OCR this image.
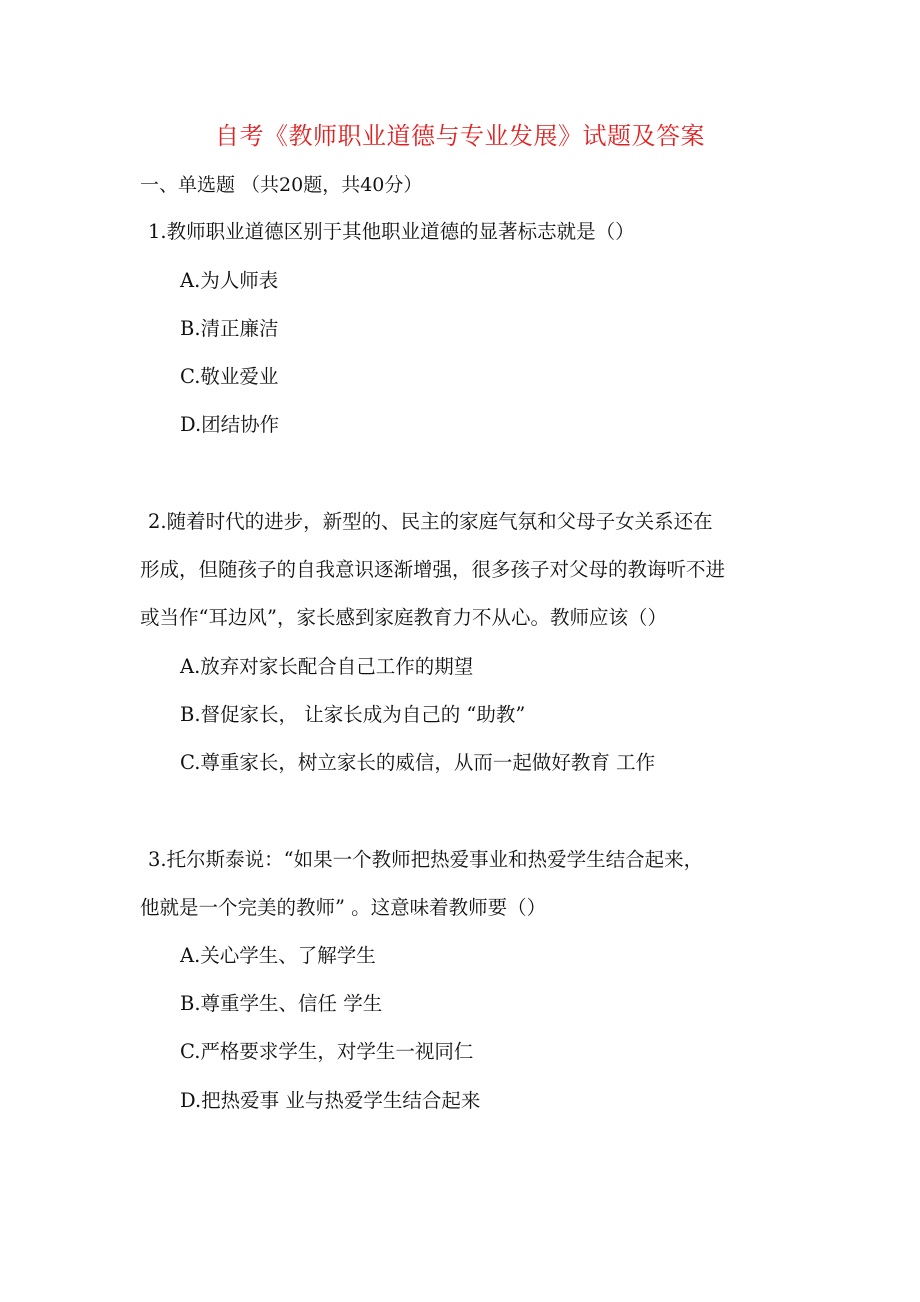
自考《教师职业道德与专业发展》试题及答案
一、单选题 （共20题，共40分）
1.教师职业道德区别于其他职业道德的显著标志就是（）
A.为人师表
B.清正廉洁
C.敬业爱业
D.团结协作
2.随着时代的进步，新型的、民主的家庭气氛和父母子女关系还在
形成，但随孩子的自我意识逐渐增强，很多孩子对父母的教诲听不进
或当作“耳边风”，家长感到家庭教育力不从心。教师应该（）
A.放弃对家长配合自己工作的期望
B.督促家长， 让家长成为自己的 “助教”
C.尊重家长，树立家长的威信，从而一起做好教育 工作
3.托尔斯泰说：“如果一个教师把热爱事业和热爱学生结合起来，
他就是一个完美的教师” 。这意味着教师要（）
A.关心学生、了解学生
B.尊重学生、信任 学生
C.严格要求学生，对学生一视同仁
D.把热爱事 业与热爱学生结合起来
